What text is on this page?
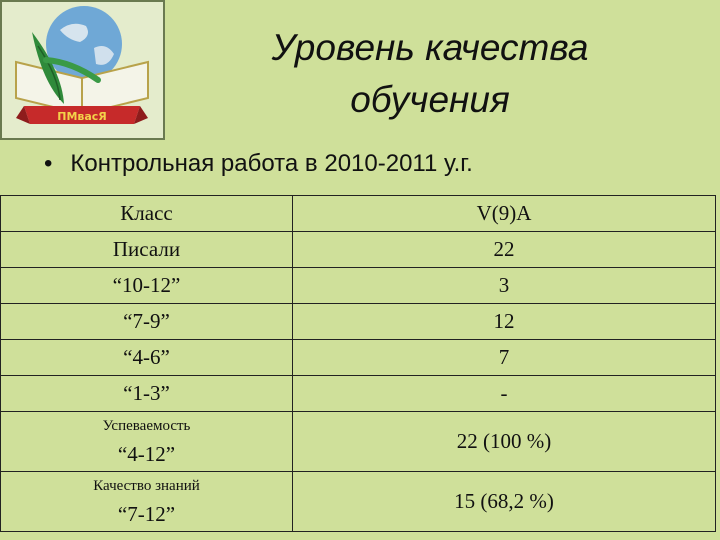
ПМвасЯ
Уровень качества
обучения
• Контрольная работа в 2010-2011 у.г.
Класс	V(9)А
Писали	22
“10-12”	3
“7-9”	12
“4-6”	7
“1-3”	-

Успеваемость
“4-12”	22 (100 %)

Качество знаний
“7-12”	15 (68,2 %)
